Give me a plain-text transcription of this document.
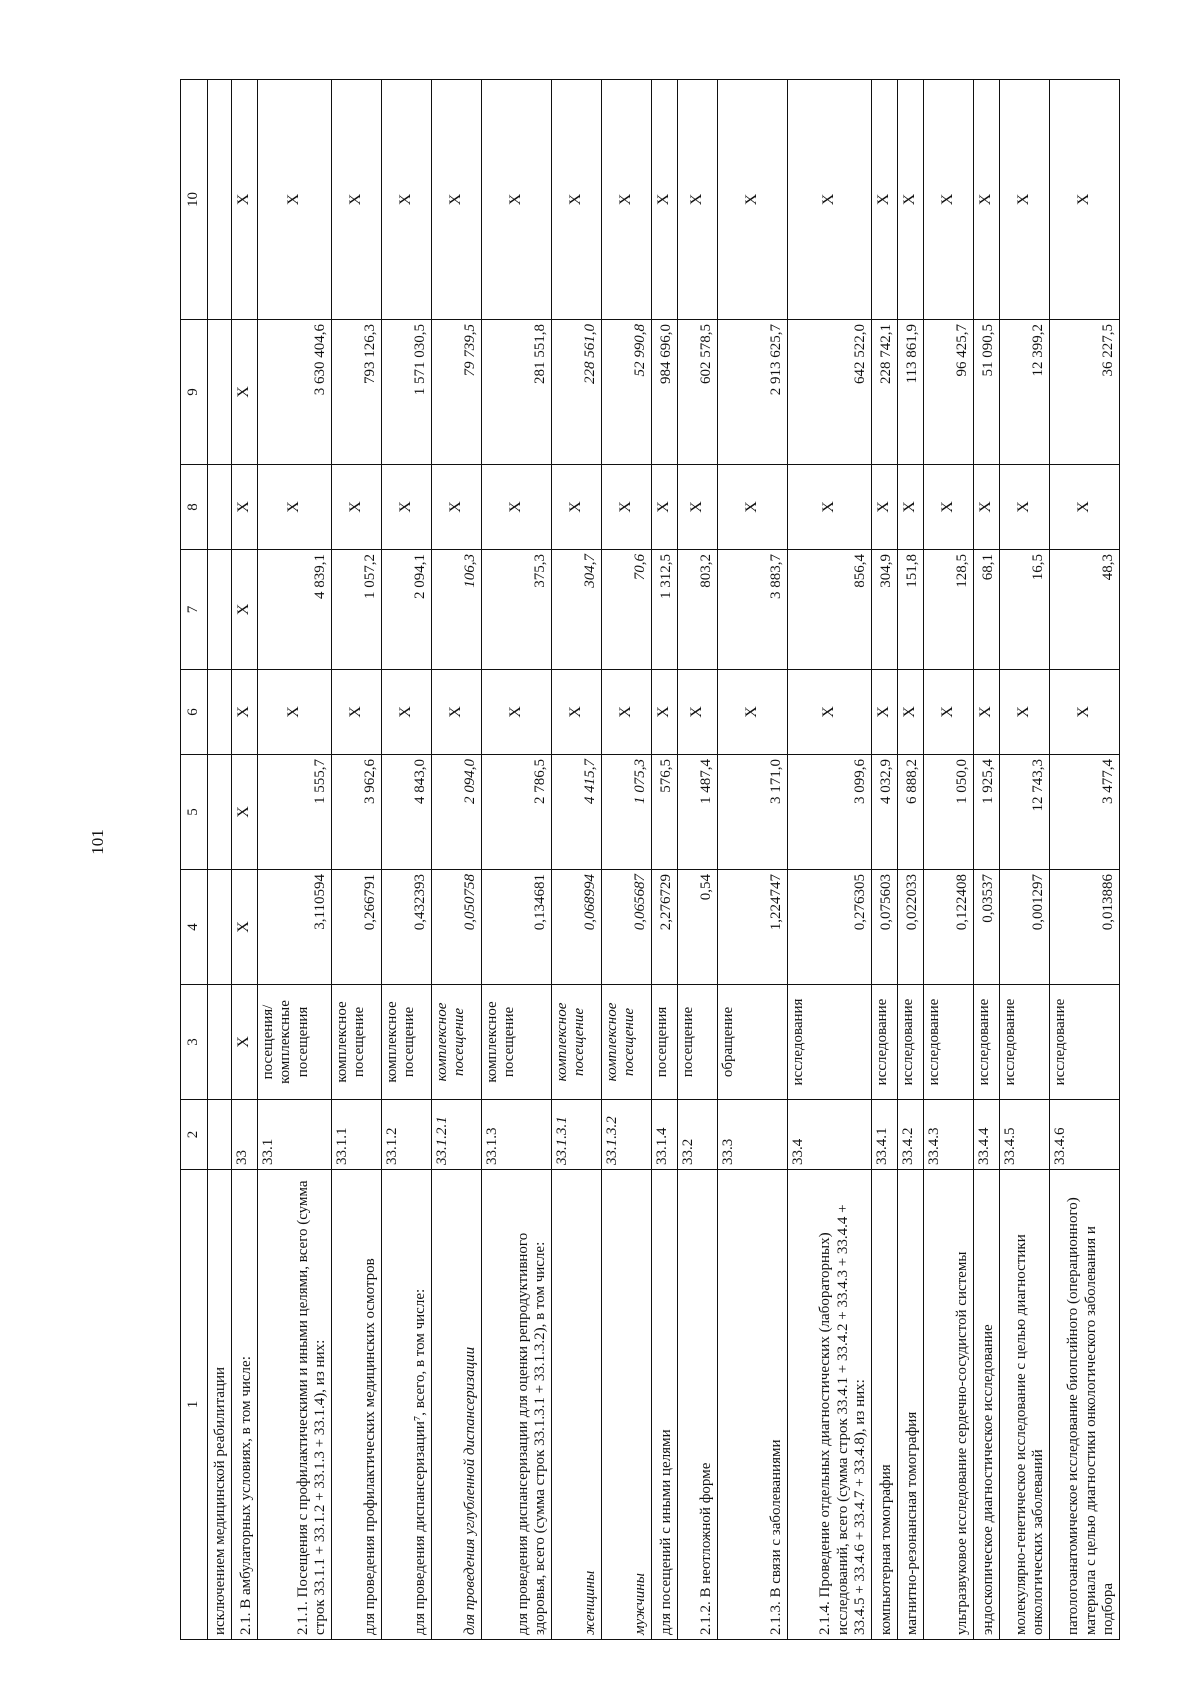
101
1	2	3	4	5	6	7	8	9	10
исключением медицинской реабилитации									
2.1. В амбулаторных условиях, в том числе:	33	Х	Х	Х	Х	Х	Х	Х	Х
2.1.1. Посещения с профилактическими и иными целями, всего (сумма строк 33.1.1 + 33.1.2 + 33.1.3 + 33.1.4), из них:	33.1	посещения/ комплексные посещения	3,110594	1 555,7	Х	4 839,1	Х	3 630 404,6	Х
для проведения профилактических медицинских осмотров	33.1.1	комплексное посещение	0,266791	3 962,6	Х	1 057,2	Х	793 126,3	Х
для проведения диспансеризации⁷, всего, в том числе:	33.1.2	комплексное посещение	0,432393	4 843,0	Х	2 094,1	Х	1 571 030,5	Х
для проведения углубленной диспансеризации	33.1.2.1	комплексное посещение	0,050758	2 094,0	Х	106,3	Х	79 739,5	Х
для проведения диспансеризации для оценки репродуктивного здоровья, всего (сумма строк 33.1.3.1 + 33.1.3.2), в том числе:	33.1.3	комплексное посещение	0,134681	2 786,5	Х	375,3	Х	281 551,8	Х
женщины	33.1.3.1	комплексное посещение	0,068994	4 415,7	Х	304,7	Х	228 561,0	Х
мужчины	33.1.3.2	комплексное посещение	0,065687	1 075,3	Х	70,6	Х	52 990,8	Х
для посещений с иными целями	33.1.4	посещения	2,276729	576,5	Х	1 312,5	Х	984 696,0	Х
2.1.2. В неотложной форме	33.2	посещение	0,54	1 487,4	Х	803,2	Х	602 578,5	Х
2.1.3. В связи с заболеваниями	33.3	обращение	1,224747	3 171,0	Х	3 883,7	Х	2 913 625,7	Х
2.1.4. Проведение отдельных диагностических (лабораторных) исследований, всего (сумма строк 33.4.1 + 33.4.2 + 33.4.3 + 33.4.4 + 33.4.5 + 33.4.6 + 33.4.7 + 33.4.8), из них:	33.4	исследования	0,276305	3 099,6	Х	856,4	Х	642 522,0	Х
компьютерная томография	33.4.1	исследование	0,075603	4 032,9	Х	304,9	Х	228 742,1	Х
магнитно-резонансная томография	33.4.2	исследование	0,022033	6 888,2	Х	151,8	Х	113 861,9	Х
ультразвуковое исследование сердечно-сосудистой системы	33.4.3	исследование	0,122408	1 050,0	Х	128,5	Х	96 425,7	Х
эндоскопическое диагностическое исследование	33.4.4	исследование	0,03537	1 925,4	Х	68,1	Х	51 090,5	Х
молекулярно-генетическое исследование с целью диагностики онкологических заболеваний	33.4.5	исследование	0,001297	12 743,3	Х	16,5	Х	12 399,2	Х
патологоанатомическое исследование биопсийного (операционного) материала с целью диагностики онкологического заболевания и подбора	33.4.6	исследование	0,013886	3 477,4	Х	48,3	Х	36 227,5	Х
